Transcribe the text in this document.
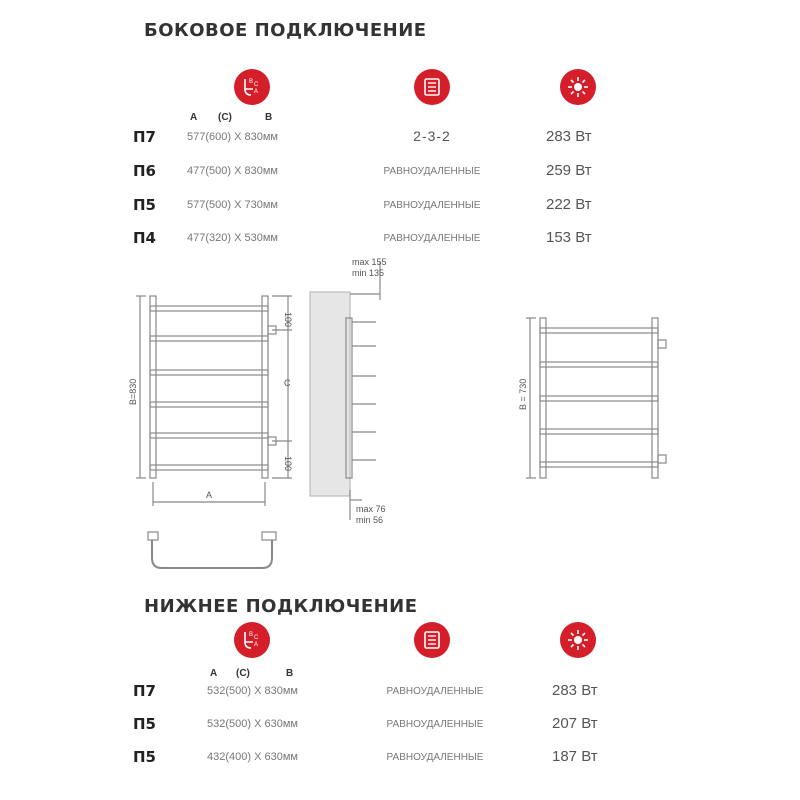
БОКОВОЕ ПОДКЛЮЧЕНИЕ
B C
A
A (C)	B
П7	577(600) Х 830мм	2-3-2	283 Вт
П6	477(500) Х 830мм	РАВНОУДАЛЕННЫЕ	259 Вт
П5	577(500) Х 730мм	РАВНОУДАЛЕННЫЕ	222 Вт
П4	477(320) Х 530мм	РАВНОУДАЛЕННЫЕ	153 Вт
B=830
100
100
C
A
max 155
min 135
max 76
min 56
B = 730
НИЖНЕЕ ПОДКЛЮЧЕНИЕ
B C
A
A (C)	B
П7	532(500) Х 830мм	РАВНОУДАЛЕННЫЕ	283 Вт
П5	532(500) Х 630мм	РАВНОУДАЛЕННЫЕ	207 Вт
П5	432(400) Х 630мм	РАВНОУДАЛЕННЫЕ	187 Вт
